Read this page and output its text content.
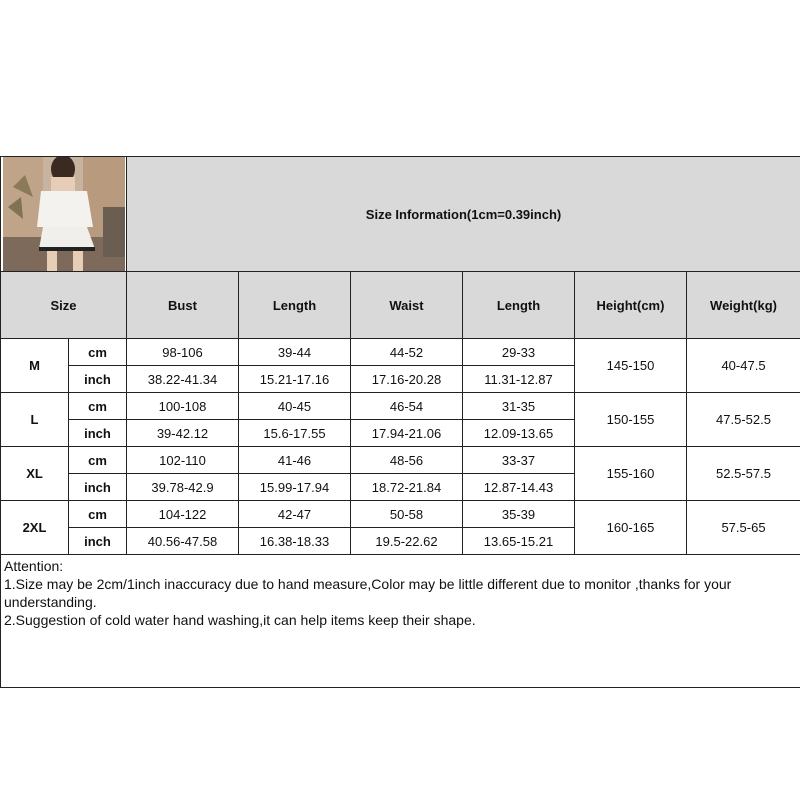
	Size Information(1cm=0.39inch)					
Size		Bust	Length	Waist	Length	Height(cm)	Weight(kg)
M	cm	98-106	39-44	44-52	29-33	145-150	40-47.5
	inch	38.22-41.34	15.21-17.16	17.16-20.28	11.31-12.87		
L	cm	100-108	40-45	46-54	31-35	150-155	47.5-52.5
	inch	39-42.12	15.6-17.55	17.94-21.06	12.09-13.65		
XL	cm	102-110	41-46	48-56	33-37	155-160	52.5-57.5
	inch	39.78-42.9	15.99-17.94	18.72-21.84	12.87-14.43		
2XL	cm	104-122	42-47	50-58	35-39	160-165	57.5-65
	inch	40.56-47.58	16.38-18.33	19.5-22.62	13.65-15.21		

Attention:
1.Size may be 2cm/1inch inaccuracy due to hand measure,Color may be little different due to monitor ,thanks for your understanding.
2.Suggestion of cold water hand washing,it can help items keep their shape.							
